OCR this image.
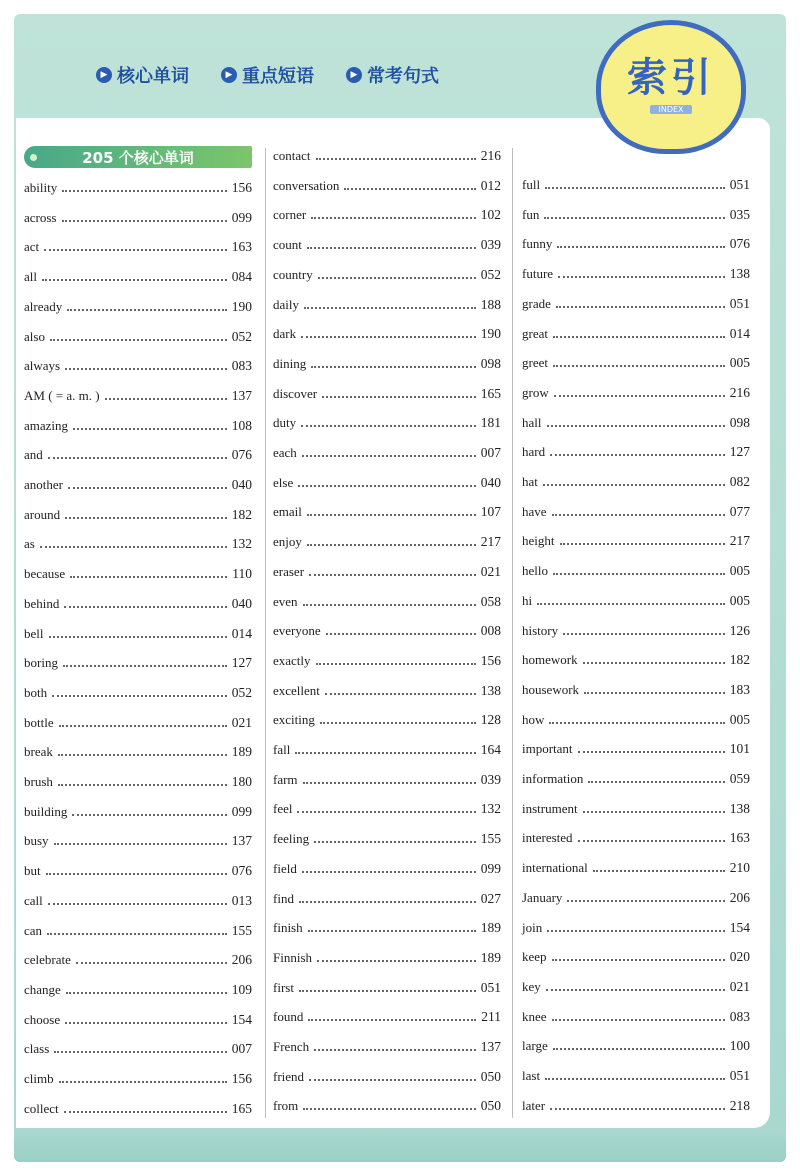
▶ 核心单词	▶ 重点短语	▶ 常考句式
205 个核心单词
ability	156
across	099
act	163
all	084
already	190
also	052
always	083
AM ( = a. m. )	137
amazing	108
and	076
another	040
around	182
as	132
because	110
behind	040
bell	014
boring	127
both	052
bottle	021
break	189
brush	180
building	099
busy	137
but	076
call	013
can	155
celebrate	206
change	109
choose	154
class	007
climb	156
collect	165
contact	216
conversation	012
corner	102
count	039
country	052
daily	188
dark	190
dining	098
discover	165
duty	181
each	007
else	040
email	107
enjoy	217
eraser	021
even	058
everyone	008
exactly	156
excellent	138
exciting	128
fall	164
farm	039
feel	132
feeling	155
field	099
find	027
finish	189
Finnish	189
first	051
found	211
French	137
friend	050
from	050
full	051
fun	035
funny	076
future	138
grade	051
great	014
greet	005
grow	216
hall	098
hard	127
hat	082
have	077
height	217
hello	005
hi	005
history	126
homework	182
housework	183
how	005
important	101
information	059
instrument	138
interested	163
international	210
January	206
join	154
keep	020
key	021
knee	083
large	100
last	051
later	218
索引
INDEX
